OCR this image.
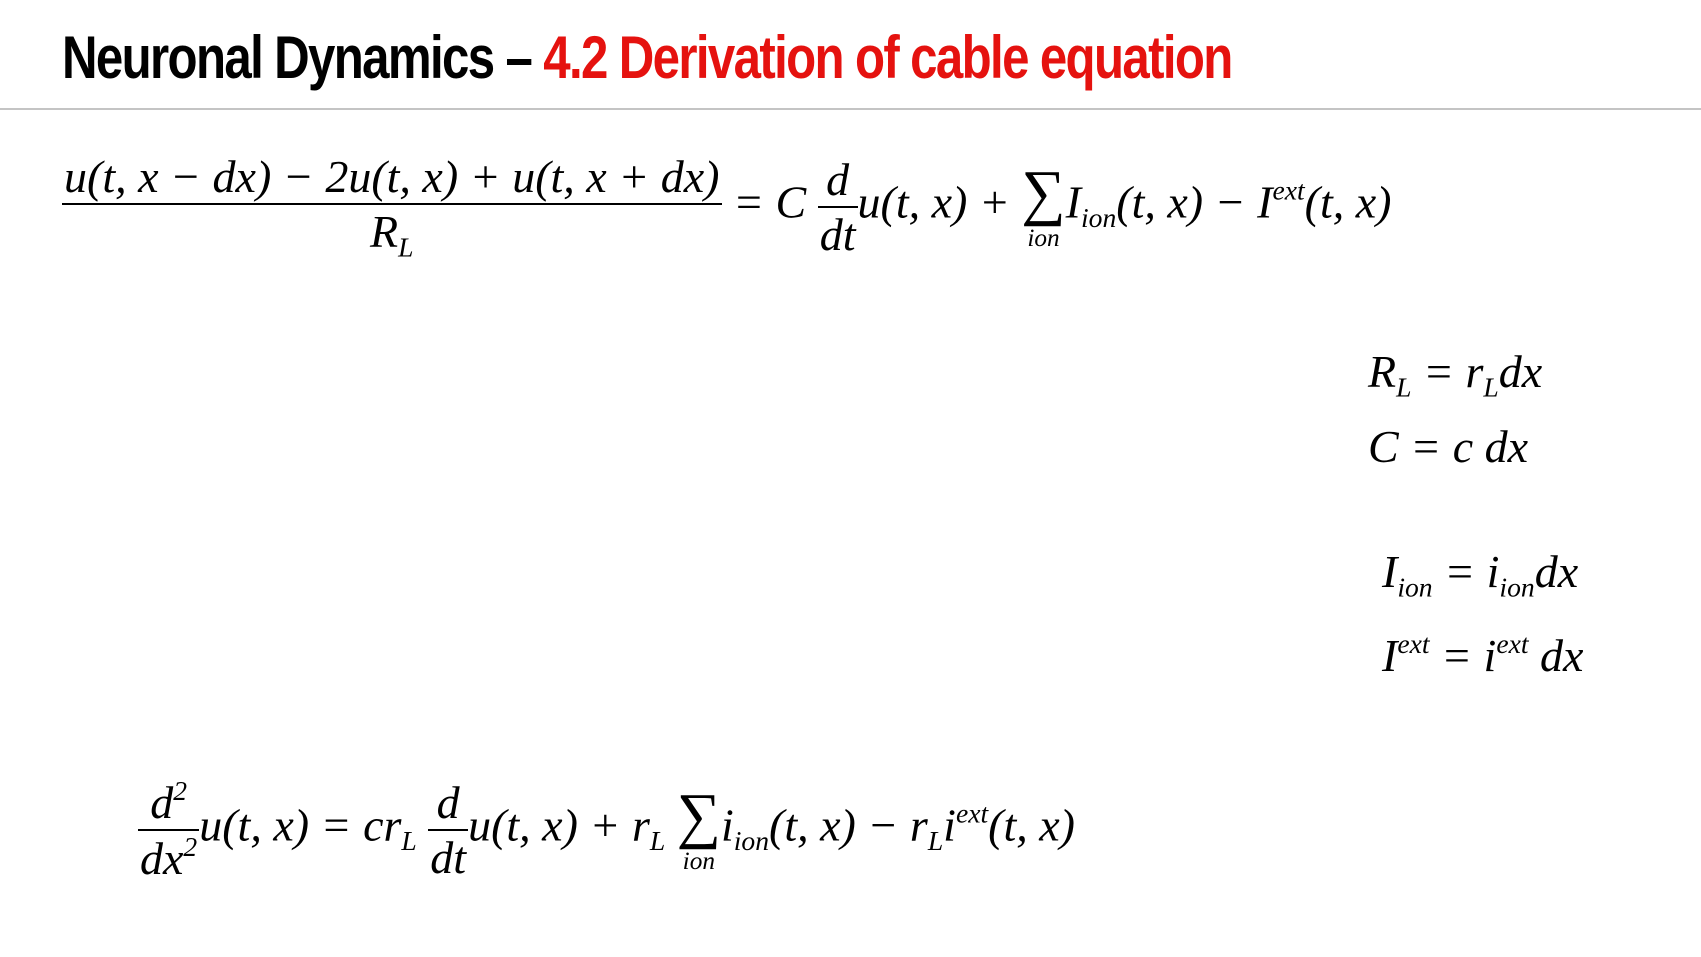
Neuronal Dynamics – 4.2 Derivation of cable equation
$\frac{u(t, x - dx) - 2u(t, x) + u(t, x + dx)}{R_L} = C \frac{d}{dt} u(t$, x) + ∑
ion
$I_{ion}(t$, $x) - I^{ext}(t$, x)
$R_L = r_Ldx$
C = c dx
$I_{ion} = i_{ion}dx$
$I^{ext} = i^{ext}$ dx
$\frac{d^2}{dx^2} u(t$, $x) = cr_L \frac{d}{dt} u(t$, $x) + r_L$ ∑
ion
$i_{ion}(t$, $x) - r_Li^{ext}(t$, x)
